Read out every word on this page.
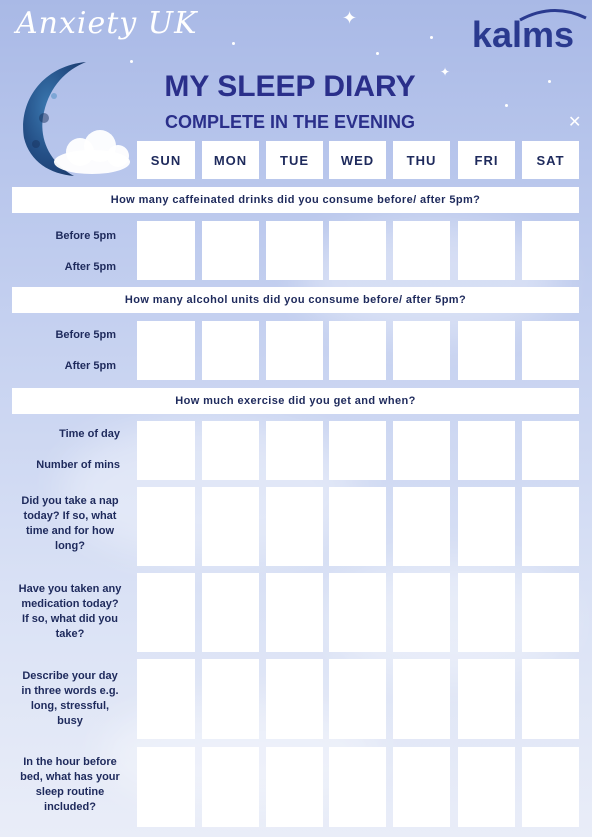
✦
✕
✦
Anxiety UK	kalms
MY SLEEP DIARY
COMPLETE IN THE EVENING
SUN	MON	TUE	WED	THU	FRI	SAT
How many caffeinated drinks did you consume before/ after 5pm?
Before 5pm
After 5pm
How many alcohol units did you consume before/ after 5pm?
Before 5pm
After 5pm
How much exercise did you get and when?
Time of day
Number of mins
Did you take a nap today? If so, what time and for how long?
Have you taken any medication today? If so, what did you take?
Describe your day in three words e.g. long, stressful, busy
In the hour before bed, what has your sleep routine included?
